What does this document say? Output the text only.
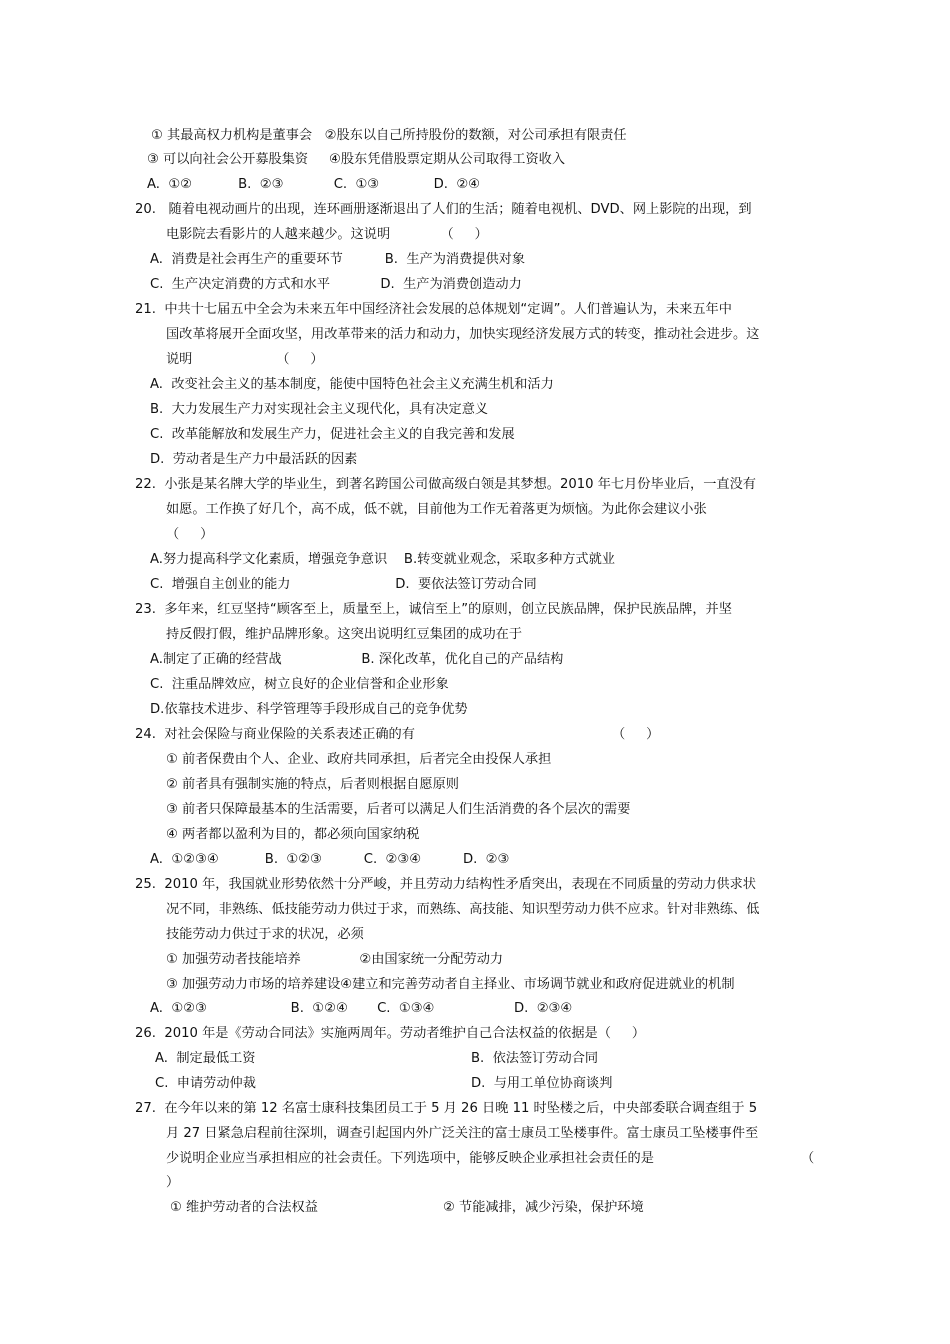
① 其最高权力机构是董事会   ②股东以自己所持股份的数额，对公司承担有限责任
③ 可以向社会公开募股集资     ④股东凭借股票定期从公司取得工资收入
A.  ①②           B.  ②③            C.  ①③             D.  ②④
20.   随着电视动画片的出现，连环画册逐渐退出了人们的生活；随着电视机、DVD、网上影院的出现，到
电影院去看影片的人越来越少。这说明            （     ）
A.  消费是社会再生产的重要环节          B.  生产为消费提供对象
C.  生产决定消费的方式和水平            D.  生产为消费创造动力
21.  中共十七届五中全会为未来五年中国经济社会发展的总体规划“定调”。人们普遍认为，未来五年中
国改革将展开全面攻坚，用改革带来的活力和动力，加快实现经济发展方式的转变，推动社会进步。这
说明                    （     ）
A.  改变社会主义的基本制度，能使中国特色社会主义充满生机和活力
B.  大力发展生产力对实现社会主义现代化，具有决定意义
C.  改革能解放和发展生产力，促进社会主义的自我完善和发展
D.  劳动者是生产力中最活跃的因素
22.  小张是某名牌大学的毕业生，到著名跨国公司做高级白领是其梦想。2010 年七月份毕业后，一直没有
如愿。工作换了好几个，高不成，低不就，目前他为工作无着落更为烦恼。为此你会建议小张
（     ）
A.努力提高科学文化素质，增强竞争意识    B.转变就业观念，采取多种方式就业
C.  增强自主创业的能力                         D.  要依法签订劳动合同
23.  多年来，红豆坚持“顾客至上，质量至上，诚信至上”的原则，创立民族品牌，保护民族品牌，并坚
持反假打假，维护品牌形象。这突出说明红豆集团的成功在于
A.制定了正确的经营战                   B. 深化改革，优化自己的产品结构
C.  注重品牌效应，树立良好的企业信誉和企业形象
D.依靠技术进步、科学管理等手段形成自己的竞争优势
24.  对社会保险与商业保险的关系表述正确的有                                               （     ）
① 前者保费由个人、企业、政府共同承担，后者完全由投保人承担
② 前者具有强制实施的特点，后者则根据自愿原则
③ 前者只保障最基本的生活需要，后者可以满足人们生活消费的各个层次的需要
④ 两者都以盈利为目的，都必须向国家纳税
A.  ①②③④           B.  ①②③          C.  ②③④          D.  ②③
25.  2010 年，我国就业形势依然十分严峻，并且劳动力结构性矛盾突出，表现在不同质量的劳动力供求状
况不同，非熟练、低技能劳动力供过于求，而熟练、高技能、知识型劳动力供不应求。针对非熟练、低
技能劳动力供过于求的状况，必须
① 加强劳动者技能培养              ②由国家统一分配劳动力
③ 加强劳动力市场的培养建设④建立和完善劳动者自主择业、市场调节就业和政府促进就业的机制
A.  ①②③                    B.  ①②④       C.  ①③④                   D.  ②③④
26.  2010 年是《劳动合同法》实施两周年。劳动者维护自己合法权益的依据是（     ）
A.  制定最低工资	B.  依法签订劳动合同
C.  申请劳动仲裁	D.  与用工单位协商谈判
27.  在今年以来的第 12 名富士康科技集团员工于 5 月 26 日晚 11 时坠楼之后，中央部委联合调查组于 5
月 27 日紧急启程前往深圳，调查引起国内外广泛关注的富士康员工坠楼事件。富士康员工坠楼事件至
少说明企业应当承担相应的社会责任。下列选项中，能够反映企业承担社会责任的是	（
）
① 维护劳动者的合法权益	② 节能减排，减少污染，保护环境
